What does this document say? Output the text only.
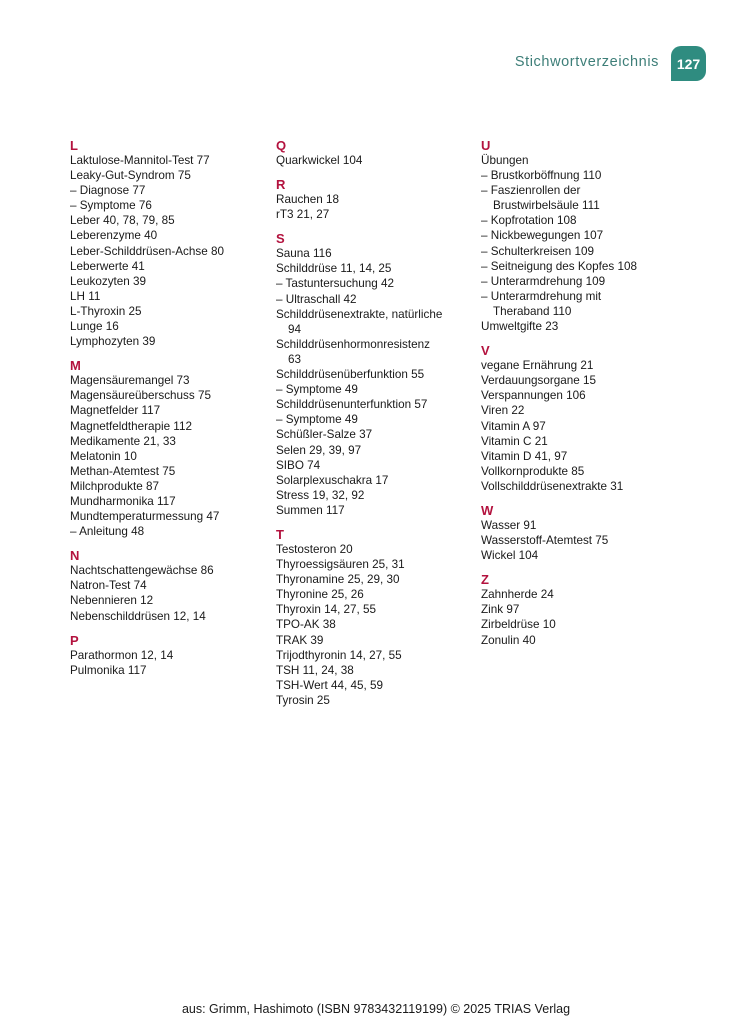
Stichwortverzeichnis	127
L
Laktulose-Mannitol-Test 77
Leaky-Gut-Syndrom 75
– Diagnose 77
– Symptome 76
Leber 40, 78, 79, 85
Leberenzyme 40
Leber-Schilddrüsen-Achse 80
Leberwerte 41
Leukozyten 39
LH 11
L-Thyroxin 25
Lunge 16
Lymphozyten 39
M
Magensäuremangel 73
Magensäureüberschuss 75
Magnetfelder 117
Magnetfeldtherapie 112
Medikamente 21, 33
Melatonin 10
Methan-Atemtest 75
Milchprodukte 87
Mundharmonika 117
Mundtemperaturmessung 47
– Anleitung 48
N
Nachtschattengewächse 86
Natron-Test 74
Nebennieren 12
Nebenschilddrüsen 12, 14
P
Parathormon 12, 14
Pulmonika 117
Q
Quarkwickel 104
R
Rauchen 18
rT3 21, 27
S
Sauna 116
Schilddrüse 11, 14, 25
– Tastuntersuchung 42
– Ultraschall 42
Schilddrüsenextrakte, natürliche
94
Schilddrüsenhormonresistenz
63
Schilddrüsenüberfunktion 55
– Symptome 49
Schilddrüsenunterfunktion 57
– Symptome 49
Schüßler-Salze 37
Selen 29, 39, 97
SIBO 74
Solarplexuschakra 17
Stress 19, 32, 92
Summen 117
T
Testosteron 20
Thyroessigsäuren 25, 31
Thyronamine 25, 29, 30
Thyronine 25, 26
Thyroxin 14, 27, 55
TPO-AK 38
TRAK 39
Trijodthyronin 14, 27, 55
TSH 11, 24, 38
TSH-Wert 44, 45, 59
Tyrosin 25
U
Übungen
– Brustkorböffnung 110
– Faszienrollen der
Brustwirbelsäule 111
– Kopfrotation 108
– Nickbewegungen 107
– Schulterkreisen 109
– Seitneigung des Kopfes 108
– Unterarmdrehung 109
– Unterarmdrehung mit
Theraband 110
Umweltgifte 23
V
vegane Ernährung 21
Verdauungsorgane 15
Verspannungen 106
Viren 22
Vitamin A 97
Vitamin C 21
Vitamin D 41, 97
Vollkornprodukte 85
Vollschilddrüsenextrakte 31
W
Wasser 91
Wasserstoff-Atemtest 75
Wickel 104
Z
Zahnherde 24
Zink 97
Zirbeldrüse 10
Zonulin 40
aus: Grimm, Hashimoto (ISBN 9783432119199) © 2025 TRIAS Verlag
